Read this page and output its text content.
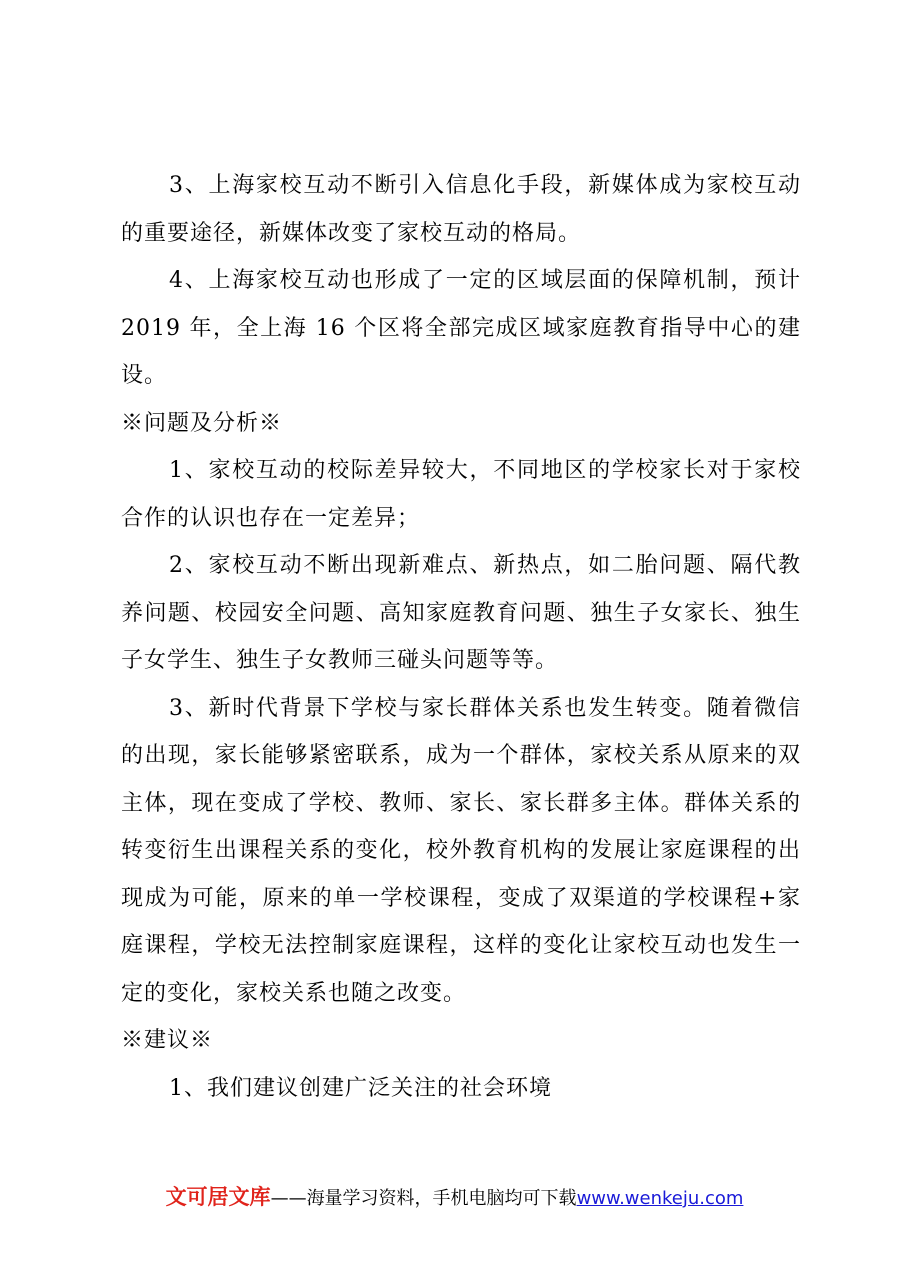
3、上海家校互动不断引入信息化手段，新媒体成为家校互动的重要途径，新媒体改变了家校互动的格局。

4、上海家校互动也形成了一定的区域层面的保障机制，预计 2019 年，全上海 16 个区将全部完成区域家庭教育指导中心的建设。

※问题及分析※

1、家校互动的校际差异较大，不同地区的学校家长对于家校合作的认识也存在一定差异；

2、家校互动不断出现新难点、新热点，如二胎问题、隔代教养问题、校园安全问题、高知家庭教育问题、独生子女家长、独生子女学生、独生子女教师三碰头问题等等。

3、新时代背景下学校与家长群体关系也发生转变。随着微信的出现，家长能够紧密联系，成为一个群体，家校关系从原来的双主体，现在变成了学校、教师、家长、家长群多主体。群体关系的转变衍生出课程关系的变化，校外教育机构的发展让家庭课程的出现成为可能，原来的单一学校课程，变成了双渠道的学校课程+家庭课程，学校无法控制家庭课程，这样的变化让家校互动也发生一定的变化，家校关系也随之改变。

※建议※

1、我们建议创建广泛关注的社会环境

文可居文库——海量学习资料，手机电脑均可下载www.wenkeju.com
